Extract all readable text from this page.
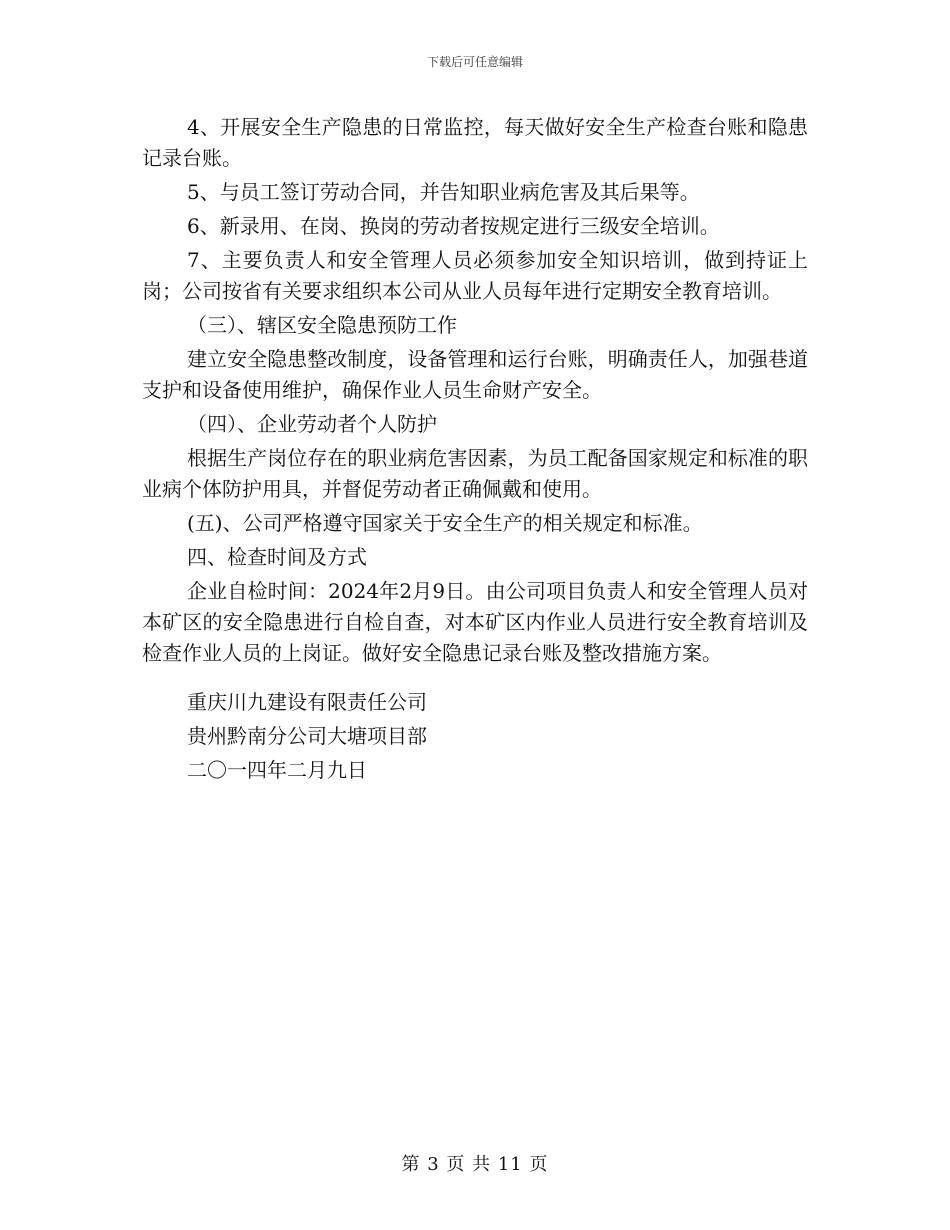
下载后可任意编辑

4、开展安全生产隐患的日常监控，每天做好安全生产检查台账和隐患记录台账。

5、与员工签订劳动合同，并告知职业病危害及其后果等。

6、新录用、在岗、换岗的劳动者按规定进行三级安全培训。

7、主要负责人和安全管理人员必须参加安全知识培训，做到持证上岗；公司按省有关要求组织本公司从业人员每年进行定期安全教育培训。

（三）、辖区安全隐患预防工作

建立安全隐患整改制度，设备管理和运行台账，明确责任人，加强巷道支护和设备使用维护，确保作业人员生命财产安全。

（四）、企业劳动者个人防护

根据生产岗位存在的职业病危害因素，为员工配备国家规定和标准的职业病个体防护用具，并督促劳动者正确佩戴和使用。

(五)、公司严格遵守国家关于安全生产的相关规定和标准。

四、检查时间及方式

企业自检时间：2024年2月9日。由公司项目负责人和安全管理人员对本矿区的安全隐患进行自检自查，对本矿区内作业人员进行安全教育培训及检查作业人员的上岗证。做好安全隐患记录台账及整改措施方案。

重庆川九建设有限责任公司

贵州黔南分公司大塘项目部

二〇一四年二月九日

第 3 页 共 11 页
